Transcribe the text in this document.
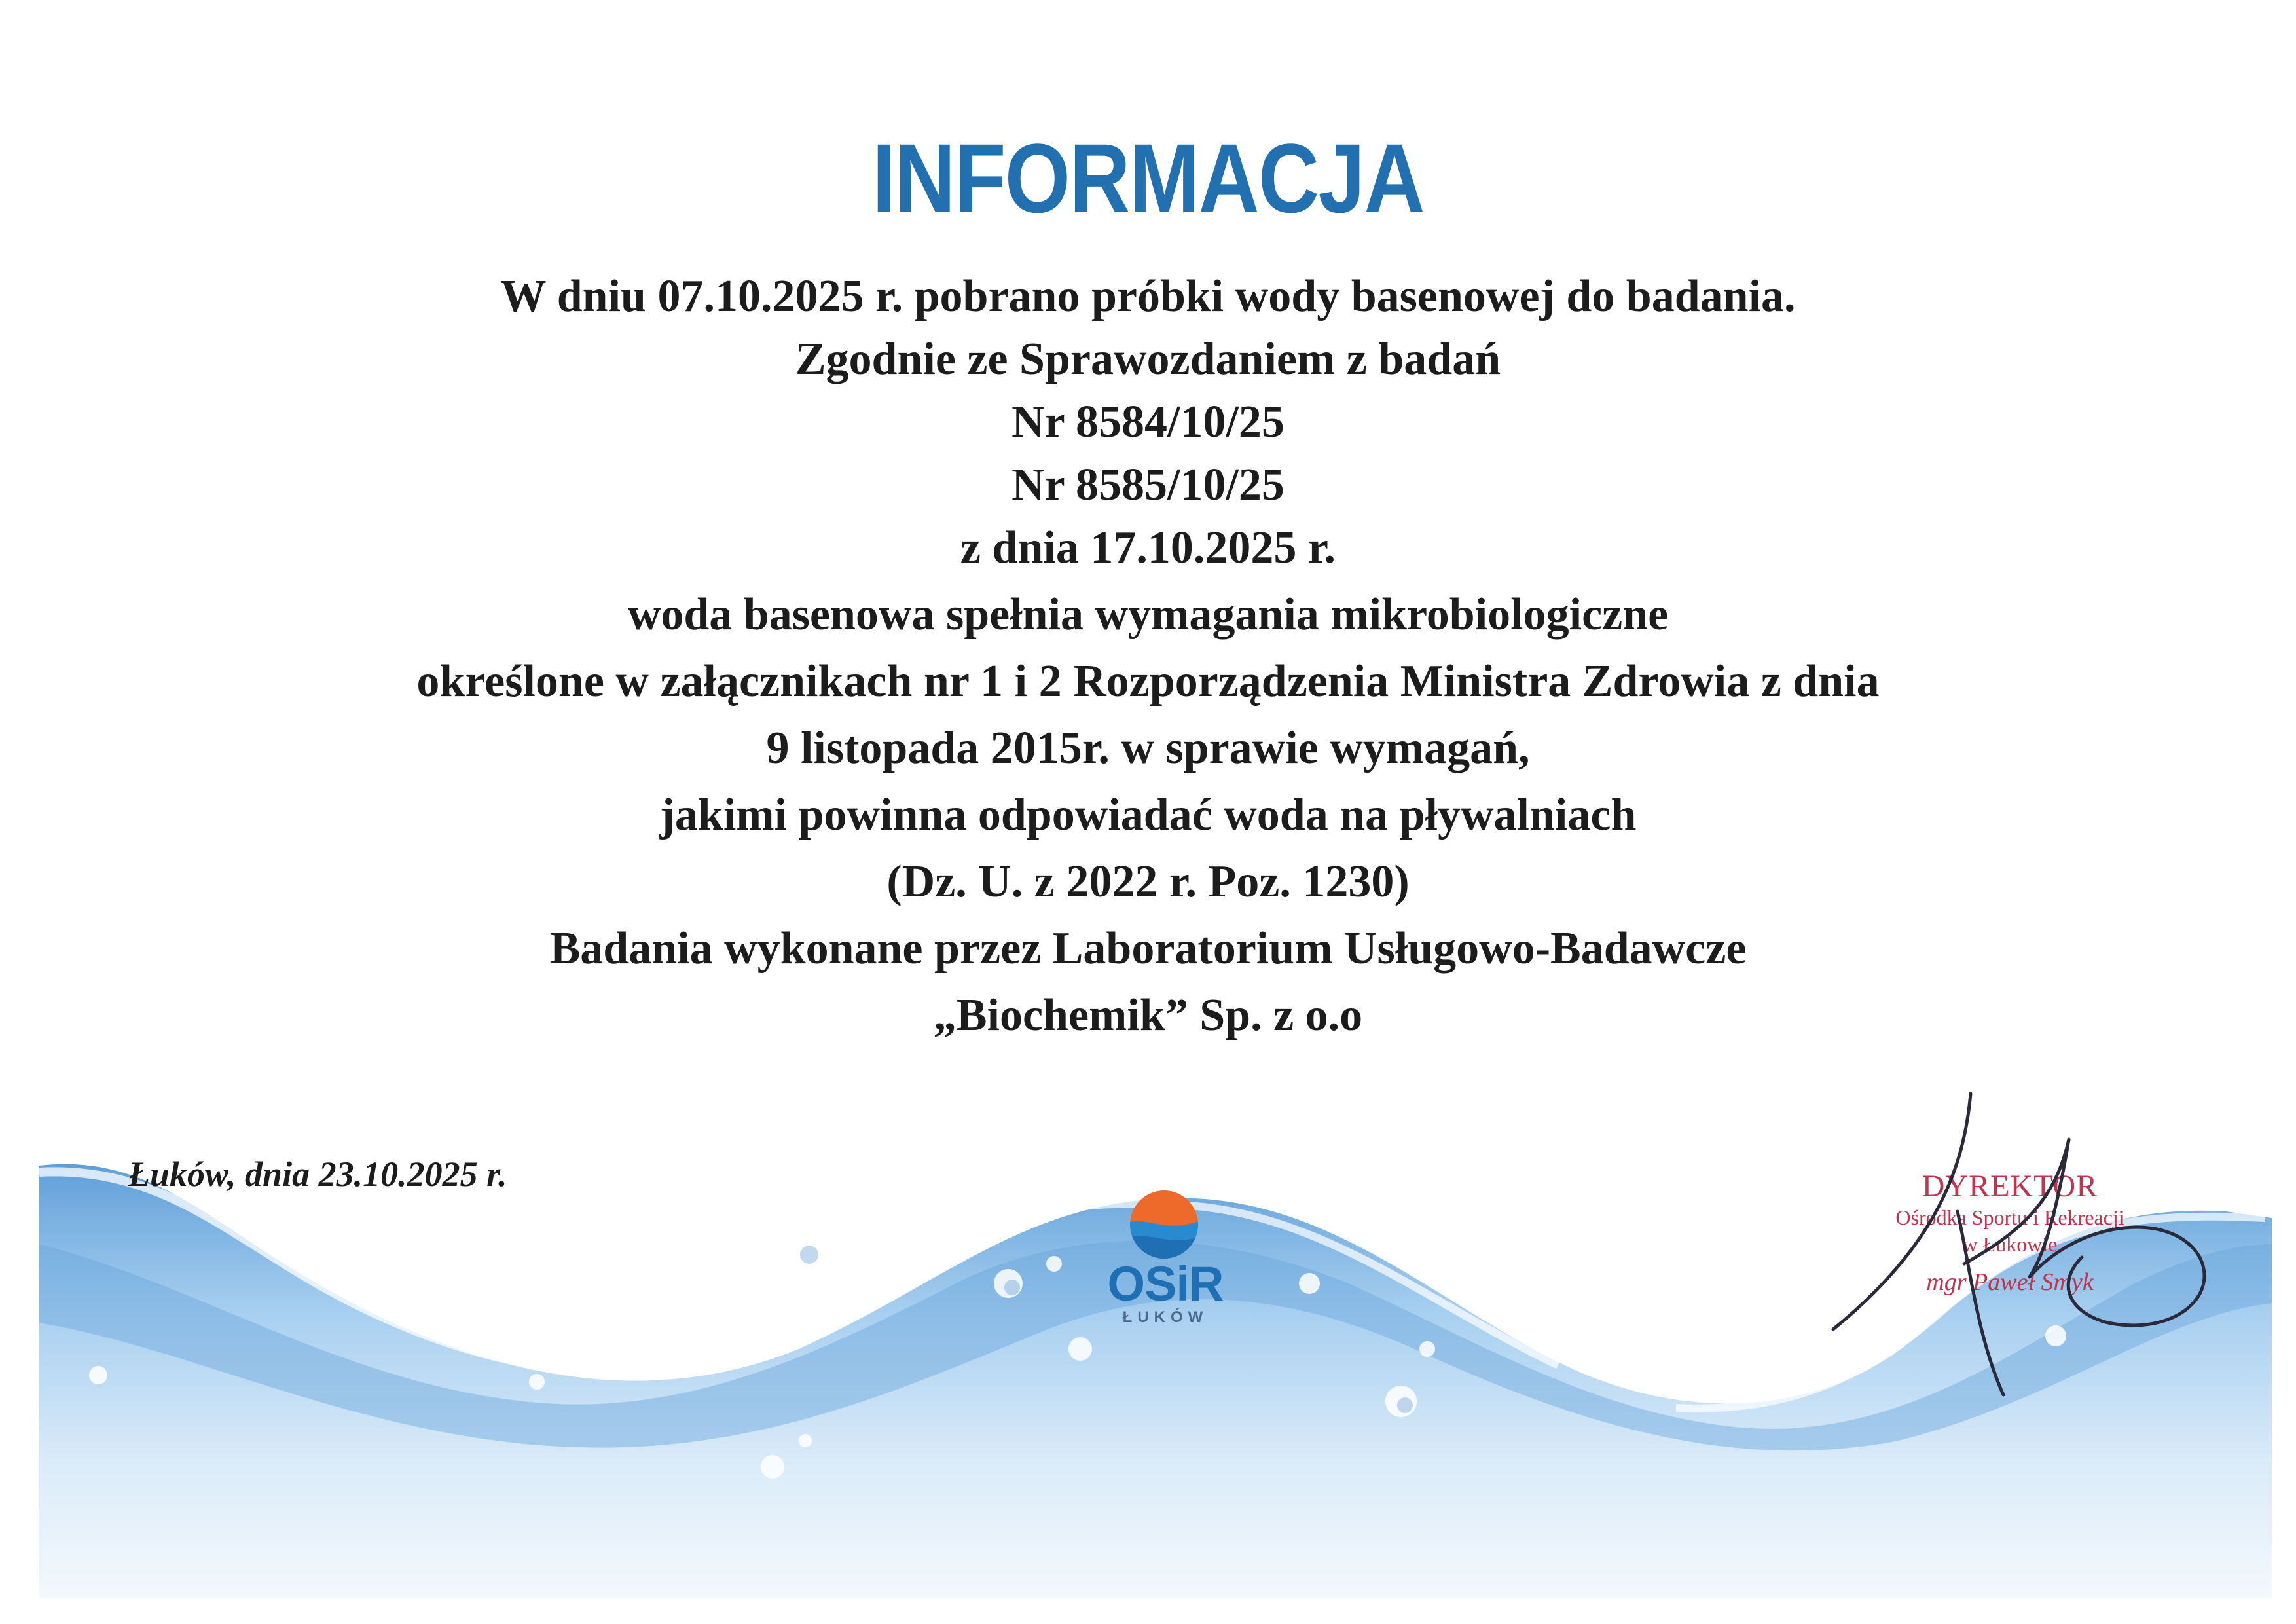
INFORMACJA
W dniu 07.10.2025 r. pobrano próbki wody basenowej do badania.
Zgodnie ze Sprawozdaniem z badań
Nr 8584/10/25
Nr 8585/10/25
z dnia 17.10.2025 r.
woda basenowa spełnia wymagania mikrobiologiczne
określone w załącznikach nr 1 i 2 Rozporządzenia Ministra Zdrowia z dnia
9 listopada 2015r. w sprawie wymagań,
jakimi powinna odpowiadać woda na pływalniach
(Dz. U. z 2022 r. Poz. 1230)
Badania wykonane przez Laboratorium Usługowo-Badawcze
„Biochemik” Sp. z o.o
Łuków, dnia 23.10.2025 r.
OSiR
ŁUKÓW
DYREKTOR
Ośrodka Sportu i Rekreacji
w Łukowie
mgr Paweł Smyk
